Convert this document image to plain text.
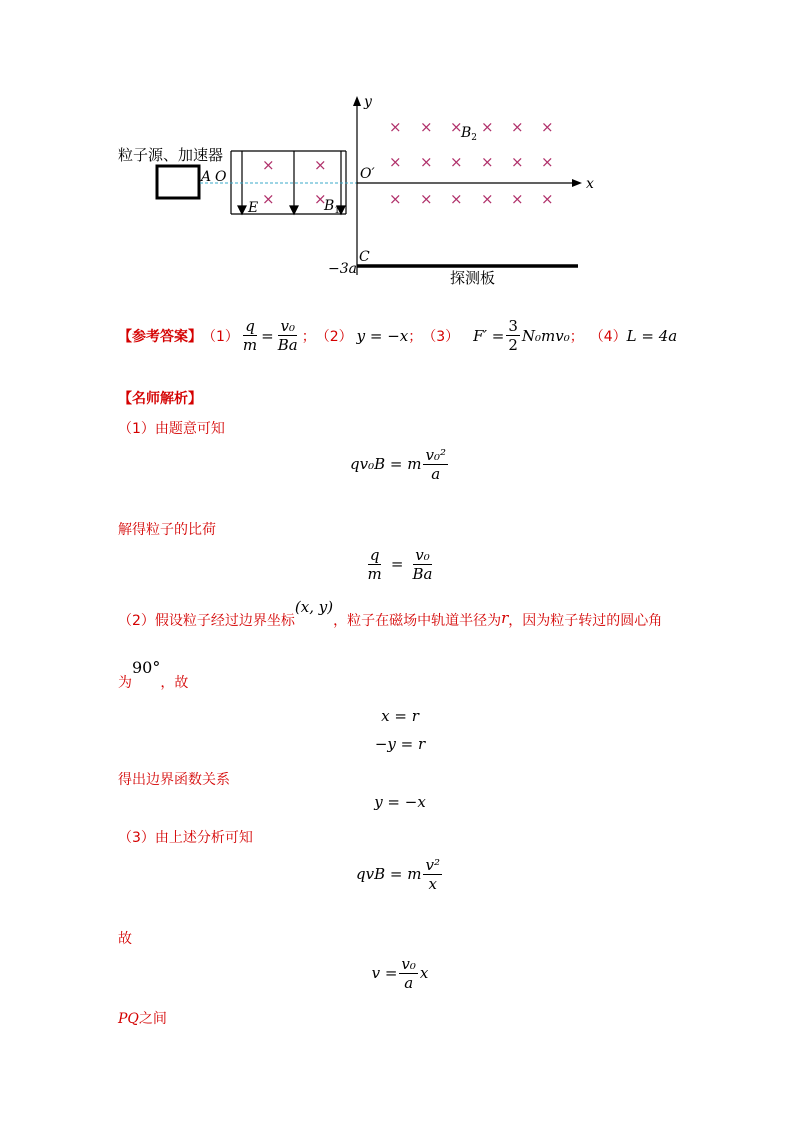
粒子源、加速器
A O
E	$B_1$
×	×
×	×
y
x
O′
× × × × × ×
× × × × × ×
× × × × × ×
$B_2$
C
−3a	探测板
【参考答案】 $(1) \frac{q}{m} = \frac{\text{v₀}}{Ba}$ ； （2） y = −x ； （3） $F' = \frac{3}{2} N_0mv_0$ ； （4） L = 4a
【名师解析】
（1）由题意可知
qv₀B = m $\frac{\text{v₀²}}{a}$
解得粒子的比荷
$\frac{q}{m} = \frac{\text{v₀}}{Ba}$
（2）假设粒子经过边界坐标
(x, y)
，粒子在磁场中轨道半径为 r ，因为粒子转过的圆心角
为
90°
，故
x = r
−y = r
得出边界函数关系
y = −x
（3）由上述分析可知
qvB = m $\frac{\text{v²}}{x}$
故
$v = \frac{\text{v₀}}{a}$ x
PQ之间
